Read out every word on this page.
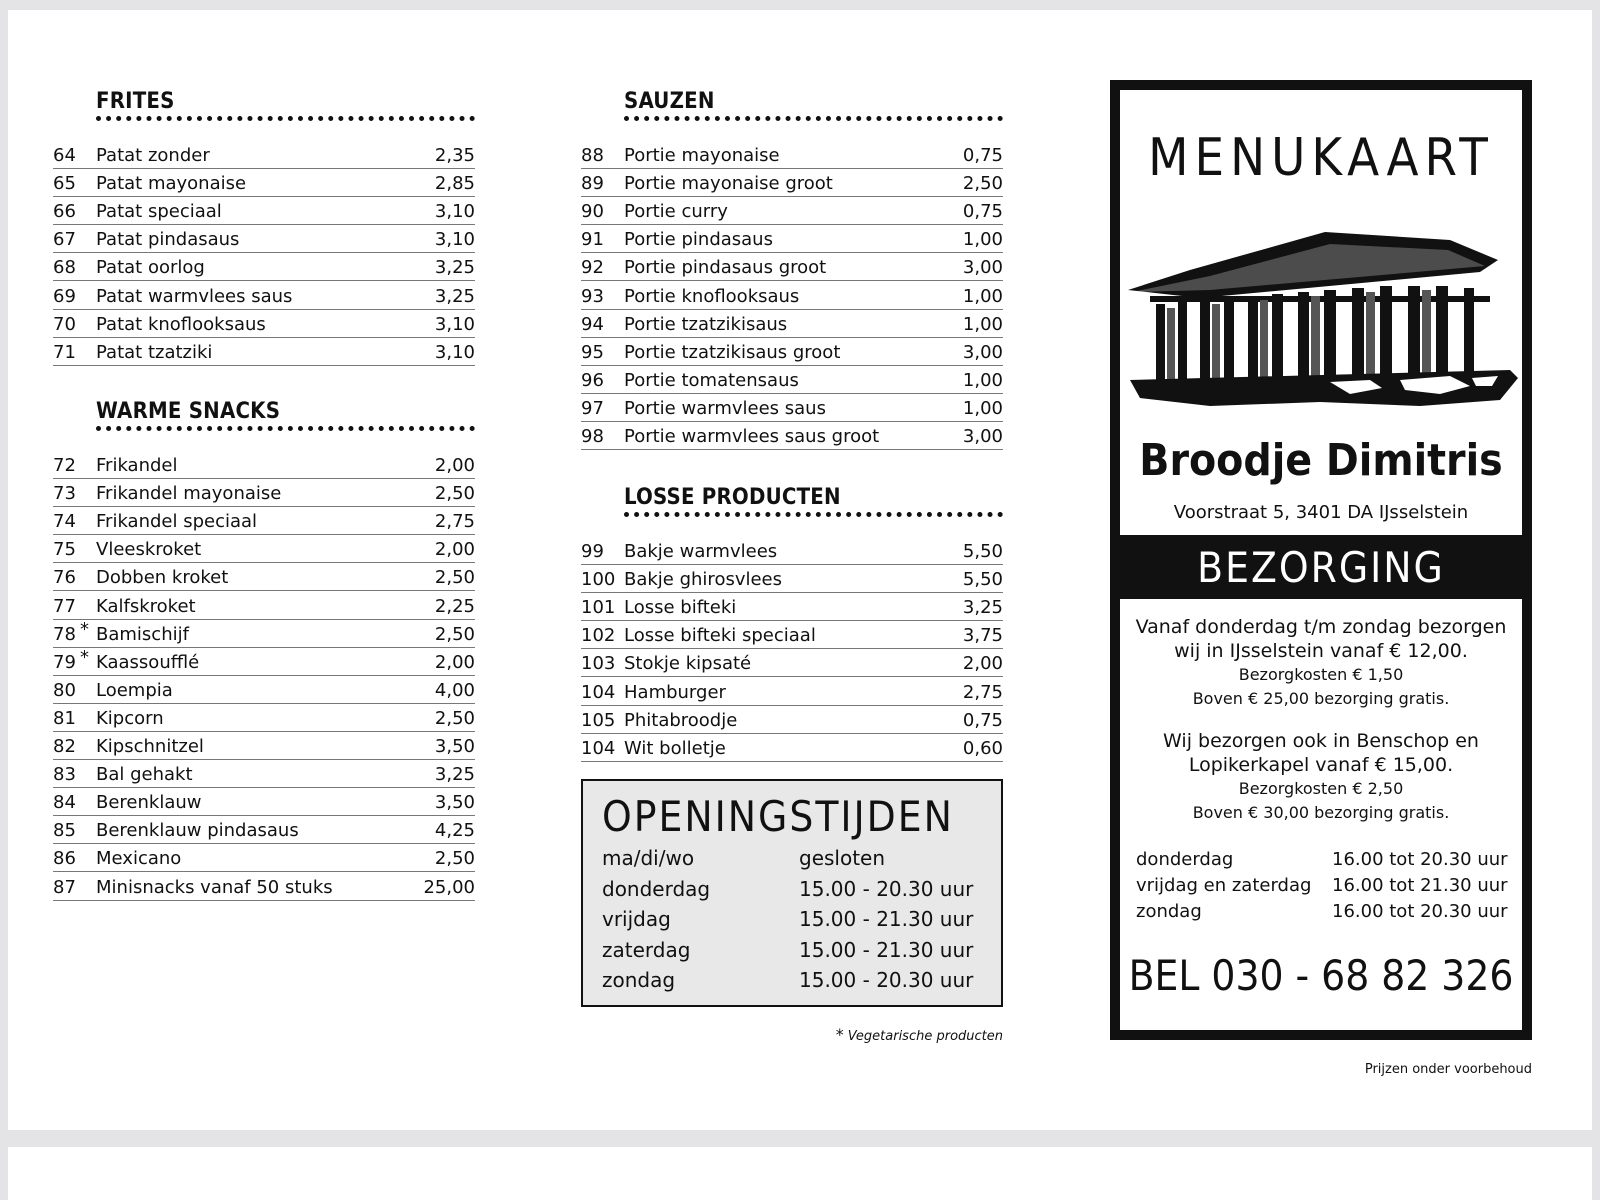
FRITES
64	Patat zonder	2,35
65	Patat mayonaise	2,85
66	Patat speciaal	3,10
67	Patat pindasaus	3,10
68	Patat oorlog	3,25
69	Patat warmvlees saus	3,25
70	Patat knoflooksaus	3,10
71	Patat tzatziki	3,10
WARME SNACKS
72	Frikandel	2,00
73	Frikandel mayonaise	2,50
74	Frikandel speciaal	2,75
75	Vleeskroket	2,00
76	Dobben kroket	2,50
77	Kalfskroket	2,25
78 * Bamischijf	2,50
79 * Kaassoufflé	2,00
80	Loempia	4,00
81	Kipcorn	2,50
82	Kipschnitzel	3,50
83	Bal gehakt	3,25
84	Berenklauw	3,50
85	Berenklauw pindasaus	4,25
86	Mexicano	2,50
87	Minisnacks vanaf 50 stuks	25,00
SAUZEN
88	Portie mayonaise	0,75
89	Portie mayonaise groot	2,50
90	Portie curry	0,75
91	Portie pindasaus	1,00
92	Portie pindasaus groot	3,00
93	Portie knoflooksaus	1,00
94	Portie tzatzikisaus	1,00
95	Portie tzatzikisaus groot	3,00
96	Portie tomatensaus	1,00
97	Portie warmvlees saus	1,00
98	Portie warmvlees saus groot	3,00
LOSSE PRODUCTEN
99	Bakje warmvlees	5,50
100 Bakje ghirosvlees	5,50
101 Losse bifteki	3,25
102 Losse bifteki speciaal	3,75
103 Stokje kipsaté	2,00
104 Hamburger	2,75
105 Phitabroodje	0,75
104 Wit bolletje	0,60
OPENINGSTIJDEN
ma/di/wo	gesloten
donderdag	15.00 - 20.30 uur
vrijdag	15.00 - 21.30 uur
zaterdag	15.00 - 21.30 uur
zondag	15.00 - 20.30 uur
* Vegetarische producten
MENUKAART
Broodje Dimitris
Voorstraat 5, 3401 DA IJsselstein
BEZORGING
Vanaf donderdag t/m zondag bezorgen
wij in IJsselstein vanaf € 12,00.
Bezorgkosten € 1,50
Boven € 25,00 bezorging gratis.
Wij bezorgen ook in Benschop en
Lopikerkapel vanaf € 15,00.
Bezorgkosten € 2,50
Boven € 30,00 bezorging gratis.
donderdag	16.00 tot 20.30 uur
vrijdag en zaterdag	16.00 tot 21.30 uur
zondag	16.00 tot 20.30 uur
BEL 030 - 68 82 326
Prijzen onder voorbehoud
